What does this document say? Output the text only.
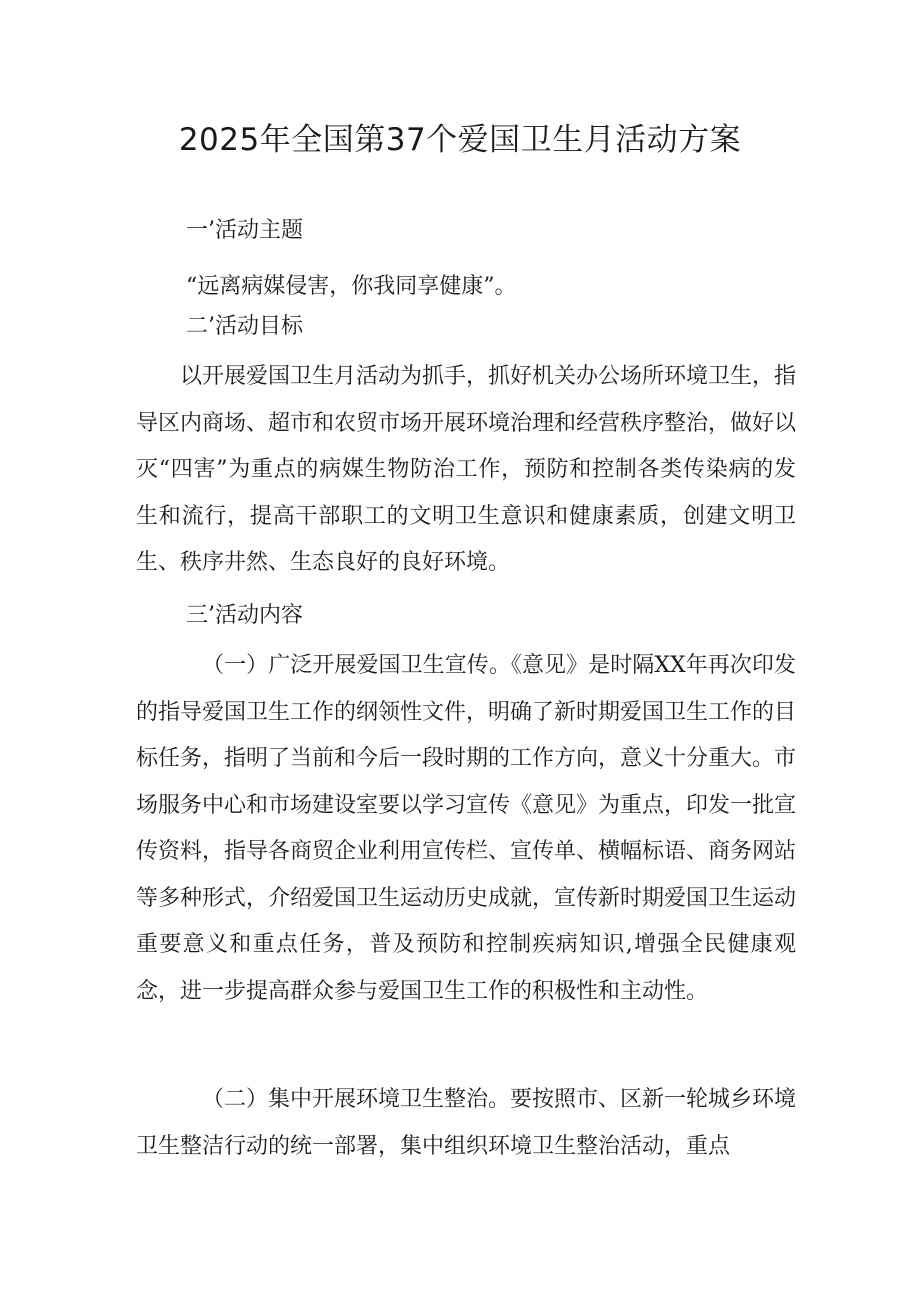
2025年全国第37个爱国卫生月活动方案

一’活动主题

“远离病媒侵害，你我同享健康”。

二’活动目标

以开展爱国卫生月活动为抓手，抓好机关办公场所环境卫生，指导区内商场、超市和农贸市场开展环境治理和经营秩序整治，做好以灭“四害”为重点的病媒生物防治工作，预防和控制各类传染病的发生和流行，提高干部职工的文明卫生意识和健康素质，创建文明卫生、秩序井然、生态良好的良好环境。

三’活动内容

（一）广泛开展爱国卫生宣传。《意见》是时隔XX年再次印发的指导爱国卫生工作的纲领性文件，明确了新时期爱国卫生工作的目标任务，指明了当前和今后一段时期的工作方向，意义十分重大。市场服务中心和市场建设室要以学习宣传《意见》为重点，印发一批宣传资料，指导各商贸企业利用宣传栏、宣传单、横幅标语、商务网站等多种形式，介绍爱国卫生运动历史成就，宣传新时期爱国卫生运动重要意义和重点任务，普及预防和控制疾病知识,增强全民健康观念，进一步提高群众参与爱国卫生工作的积极性和主动性。

（二）集中开展环境卫生整治。要按照市、区新一轮城乡环境卫生整洁行动的统一部署，集中组织环境卫生整治活动，重点
